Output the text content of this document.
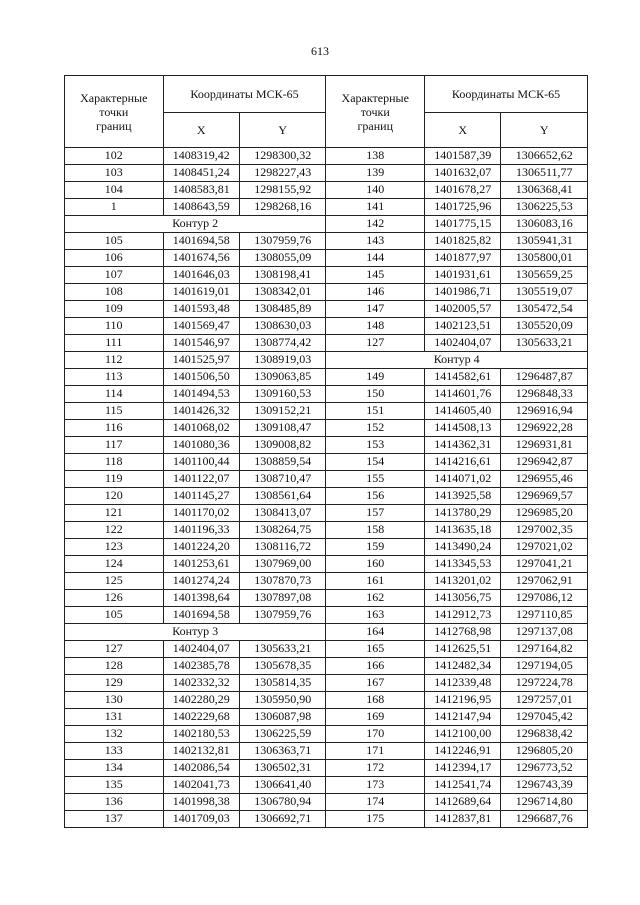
613
Характерные
точки
границ	Координаты МСК-65		Характерные
точки
границ	Координаты МСК-65	
	X	Y		X	Y
102	1408319,42	1298300,32	138	1401587,39	1306652,62
103	1408451,24	1298227,43	139	1401632,07	1306511,77
104	1408583,81	1298155,92	140	1401678,27	1306368,41
1	1408643,59	1298268,16	141	1401725,96	1306225,53
Контур 2			142	1401775,15	1306083,16
105	1401694,58	1307959,76	143	1401825,82	1305941,31
106	1401674,56	1308055,09	144	1401877,97	1305800,01
107	1401646,03	1308198,41	145	1401931,61	1305659,25
108	1401619,01	1308342,01	146	1401986,71	1305519,07
109	1401593,48	1308485,89	147	1402005,57	1305472,54
110	1401569,47	1308630,03	148	1402123,51	1305520,09
111	1401546,97	1308774,42	127	1402404,07	1305633,21
112	1401525,97	1308919,03	Контур 4		
113	1401506,50	1309063,85	149	1414582,61	1296487,87
114	1401494,53	1309160,53	150	1414601,76	1296848,33
115	1401426,32	1309152,21	151	1414605,40	1296916,94
116	1401068,02	1309108,47	152	1414508,13	1296922,28
117	1401080,36	1309008,82	153	1414362,31	1296931,81
118	1401100,44	1308859,54	154	1414216,61	1296942,87
119	1401122,07	1308710,47	155	1414071,02	1296955,46
120	1401145,27	1308561,64	156	1413925,58	1296969,57
121	1401170,02	1308413,07	157	1413780,29	1296985,20
122	1401196,33	1308264,75	158	1413635,18	1297002,35
123	1401224,20	1308116,72	159	1413490,24	1297021,02
124	1401253,61	1307969,00	160	1413345,53	1297041,21
125	1401274,24	1307870,73	161	1413201,02	1297062,91
126	1401398,64	1307897,08	162	1413056,75	1297086,12
105	1401694,58	1307959,76	163	1412912,73	1297110,85
Контур 3			164	1412768,98	1297137,08
127	1402404,07	1305633,21	165	1412625,51	1297164,82
128	1402385,78	1305678,35	166	1412482,34	1297194,05
129	1402332,32	1305814,35	167	1412339,48	1297224,78
130	1402280,29	1305950,90	168	1412196,95	1297257,01
131	1402229,68	1306087,98	169	1412147,94	1297045,42
132	1402180,53	1306225,59	170	1412100,00	1296838,42
133	1402132,81	1306363,71	171	1412246,91	1296805,20
134	1402086,54	1306502,31	172	1412394,17	1296773,52
135	1402041,73	1306641,40	173	1412541,74	1296743,39
136	1401998,38	1306780,94	174	1412689,64	1296714,80
137	1401709,03	1306692,71	175	1412837,81	1296687,76
